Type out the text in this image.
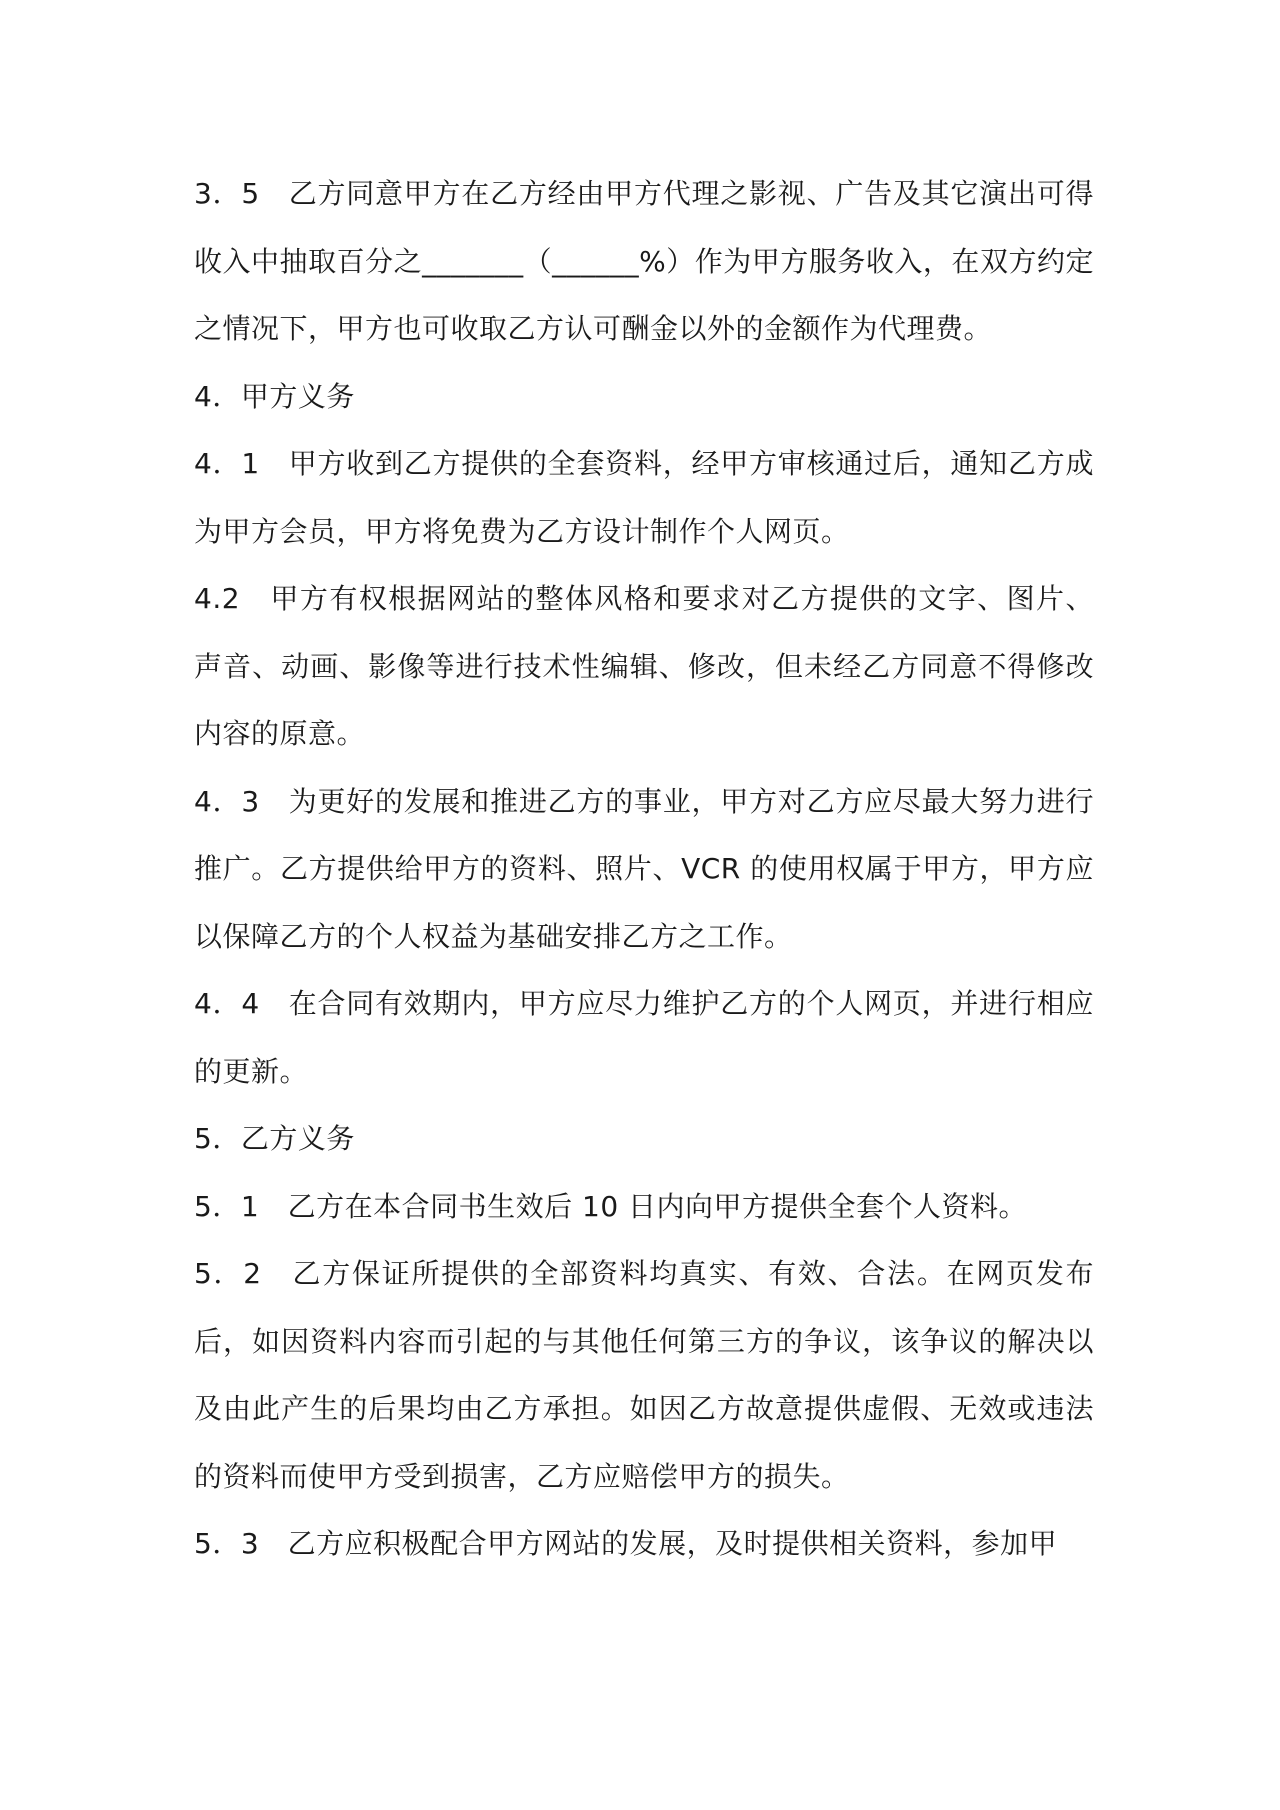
3．5　乙方同意甲方在乙方经由甲方代理之影视、广告及其它演出可得收入中抽取百分之_______（______%）作为甲方服务收入，在双方约定之情况下，甲方也可收取乙方认可酬金以外的金额作为代理费。

4．甲方义务

4．1　甲方收到乙方提供的全套资料，经甲方审核通过后，通知乙方成为甲方会员，甲方将免费为乙方设计制作个人网页。

4.2　甲方有权根据网站的整体风格和要求对乙方提供的文字、图片、声音、动画、影像等进行技术性编辑、修改，但未经乙方同意不得修改内容的原意。

4．3　为更好的发展和推进乙方的事业，甲方对乙方应尽最大努力进行推广。乙方提供给甲方的资料、照片、VCR 的使用权属于甲方，甲方应以保障乙方的个人权益为基础安排乙方之工作。

4．4　在合同有效期内，甲方应尽力维护乙方的个人网页，并进行相应的更新。

5．乙方义务

5．1　乙方在本合同书生效后 10 日内向甲方提供全套个人资料。

5．2　乙方保证所提供的全部资料均真实、有效、合法。在网页发布后，如因资料内容而引起的与其他任何第三方的争议，该争议的解决以及由此产生的后果均由乙方承担。如因乙方故意提供虚假、无效或违法的资料而使甲方受到损害，乙方应赔偿甲方的损失。

5．3　乙方应积极配合甲方网站的发展，及时提供相关资料，参加甲
